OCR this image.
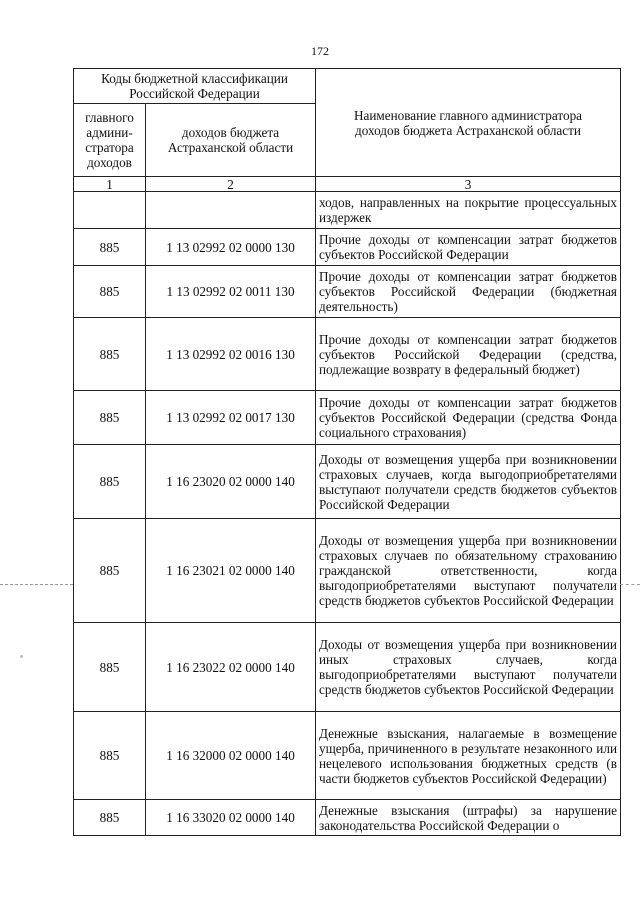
172
Коды бюджетной классификации Российской Федерации		Наименование главного администратора доходов бюджета Астраханской области
главного админи-стратора доходов	доходов бюджета Астраханской области	
1	2	3
		ходов, направленных на покрытие процессуальных издержек
885	1 13 02992 02 0000 130	Прочие доходы от компенсации затрат бюджетов субъектов Российской Федерации
885	1 13 02992 02 0011 130	Прочие доходы от компенсации затрат бюджетов субъектов Российской Федерации (бюджетная деятельность)
885	1 13 02992 02 0016 130	Прочие доходы от компенсации затрат бюджетов субъектов Российской Федерации (средства, подлежащие возврату в федеральный бюджет)
885	1 13 02992 02 0017 130	Прочие доходы от компенсации затрат бюджетов субъектов Российской Федерации (средства Фонда социального страхования)
885	1 16 23020 02 0000 140	Доходы от возмещения ущерба при возникновении страховых случаев, когда выгодоприобретателями выступают получатели средств бюджетов субъектов Российской Федерации
885	1 16 23021 02 0000 140	Доходы от возмещения ущерба при возникновении страховых случаев по обязательному страхованию гражданской ответственности, когда выгодоприобретателями выступают получатели средств бюджетов субъектов Российской Федерации
885	1 16 23022 02 0000 140	Доходы от возмещения ущерба при возникновении иных страховых случаев, когда выгодоприобретателями выступают получатели средств бюджетов субъектов Российской Федерации
885	1 16 32000 02 0000 140	Денежные взыскания, налагаемые в возмещение ущерба, причиненного в результате незаконного или нецелевого использования бюджетных средств (в части бюджетов субъектов Российской Федерации)
885	1 16 33020 02 0000 140	Денежные взыскания (штрафы) за нарушение законодательства Российской Федерации о
